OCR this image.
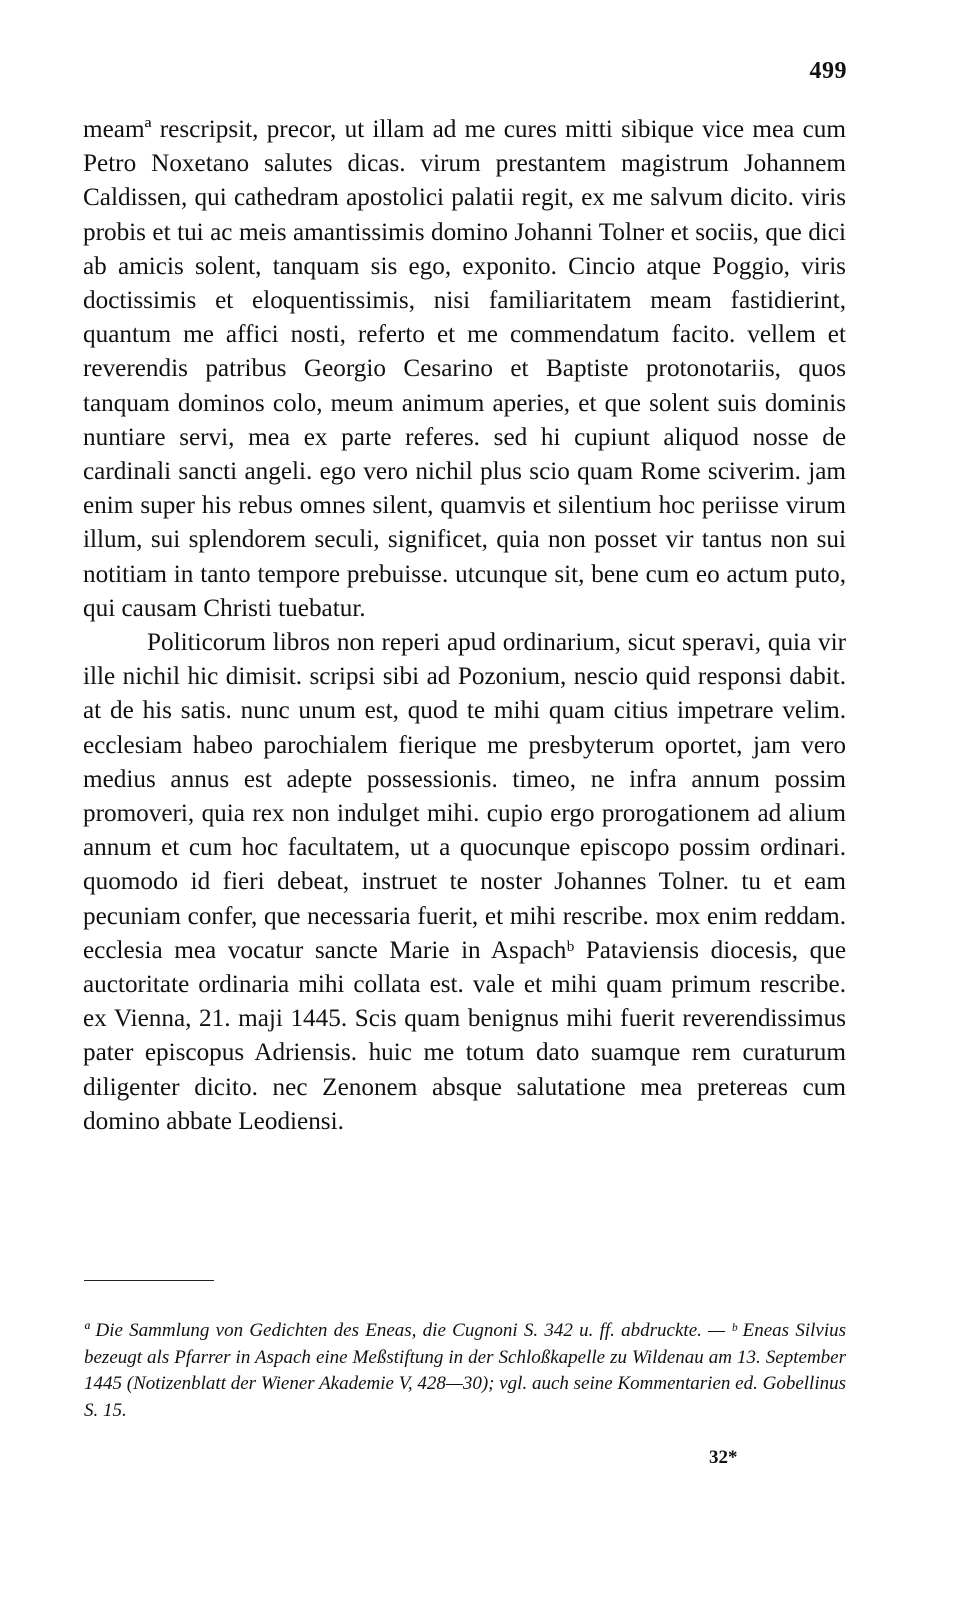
499

meamª rescripsit, precor, ut illam ad me cures mitti sibique vice mea cum Petro Noxetano salutes dicas. virum prestantem magistrum Johannem Caldissen, qui cathedram apostolici palatii regit, ex me salvum dicito. viris probis et tui ac meis amantissimis domino Johanni Tolner et sociis, que dici ab amicis solent, tanquam sis ego, exponito. Cincio atque Poggio, viris doctissimis et eloquentissimis, nisi familiaritatem meam fastidierint, quantum me affici nosti, referto et me commendatum facito. vellem et reverendis patribus Georgio Cesarino et Baptiste protonotariis, quos tanquam dominos colo, meum animum aperies, et que solent suis dominis nuntiare servi, mea ex parte referes. sed hi cupiunt aliquod nosse de cardinali sancti angeli. ego vero nichil plus scio quam Rome sciverim. jam enim super his rebus omnes silent, quamvis et silentium hoc periisse virum illum, sui splendorem seculi, significet, quia non posset vir tantus non sui notitiam in tanto tempore prebuisse. utcunque sit, bene cum eo actum puto, qui causam Christi tuebatur.

Politicorum libros non reperi apud ordinarium, sicut speravi, quia vir ille nichil hic dimisit. scripsi sibi ad Pozonium, nescio quid responsi dabit. at de his satis. nunc unum est, quod te mihi quam citius impetrare velim. ecclesiam habeo parochialem fierique me presbyterum oportet, jam vero medius annus est adepte possessionis. timeo, ne infra annum possim promoveri, quia rex non indulget mihi. cupio ergo prorogationem ad alium annum et cum hoc facultatem, ut a quocunque episcopo possim ordinari. quomodo id fieri debeat, instruet te noster Johannes Tolner. tu et eam pecuniam confer, que necessaria fuerit, et mihi rescribe. mox enim reddam. ecclesia mea vocatur sancte Marie in Aspachᵇ Pataviensis diocesis, que auctoritate ordinaria mihi collata est. vale et mihi quam primum rescribe. ex Vienna, 21. maji 1445. Scis quam benignus mihi fuerit reverendissimus pater episcopus Adriensis. huic me totum dato suamque rem curaturum diligenter dicito. nec Zenonem absque salutatione mea pretereas cum domino abbate Leodiensi.

ª Die Sammlung von Gedichten des Eneas, die Cugnoni S. 342 u. ff. abdruckte. — ᵇ Eneas Silvius bezeugt als Pfarrer in Aspach eine Meßstiftung in der Schloßkapelle zu Wildenau am 13. September 1445 (Notizenblatt der Wiener Akademie V, 428—30); vgl. auch seine Kommentarien ed. Gobellinus S. 15.

32*
